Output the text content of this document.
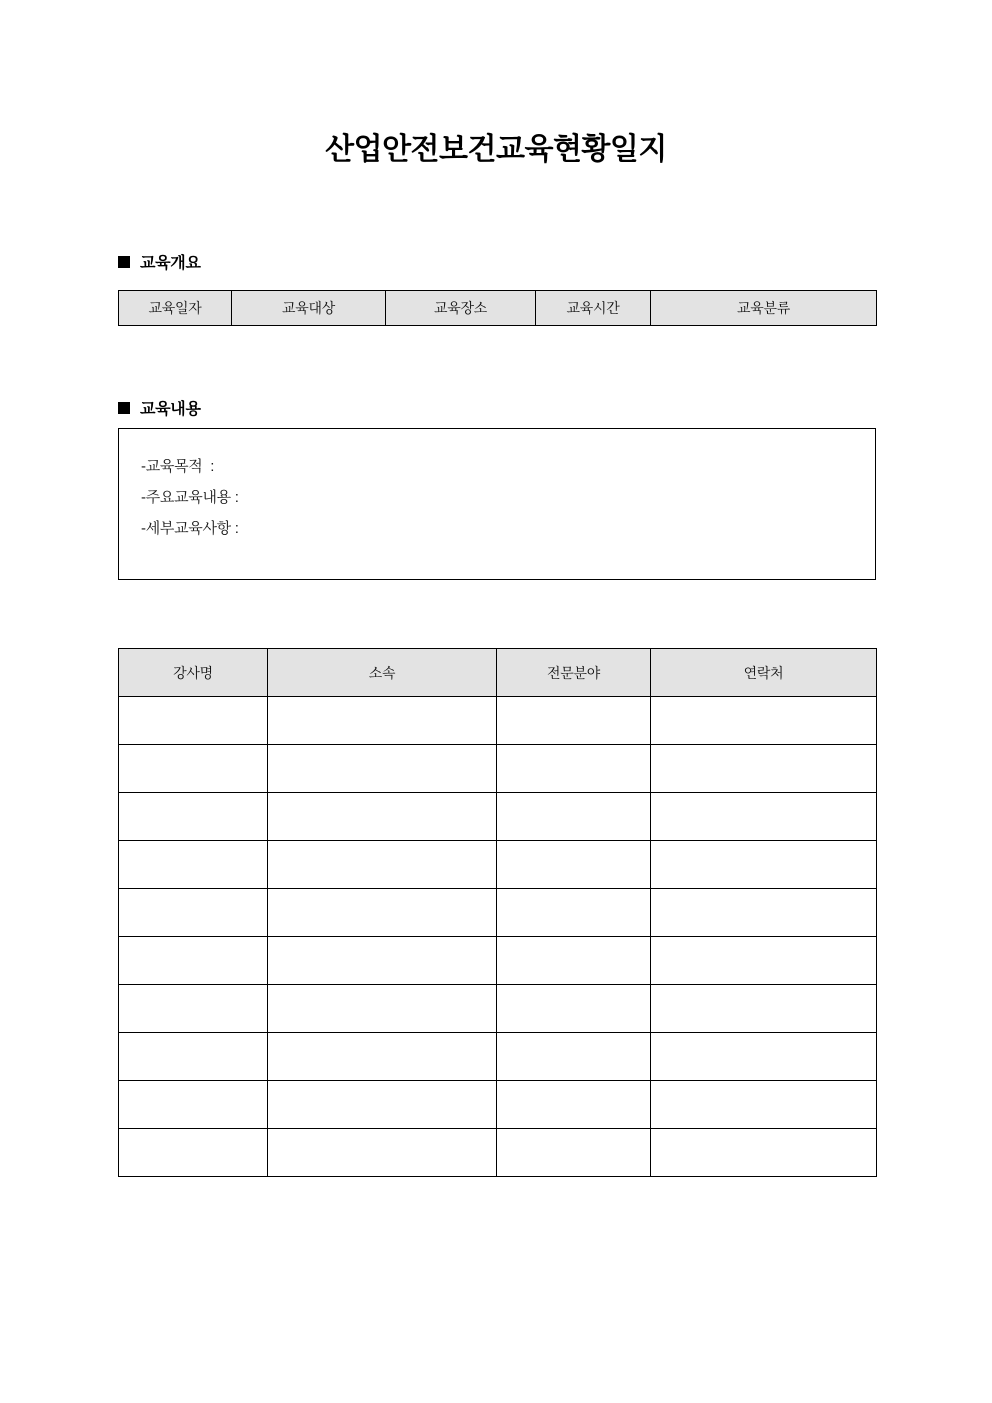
산업안전보건교육현황일지
교육개요
교육일자	교육대상	교육장소	교육시간	교육분류
교육내용
-교육목적  :
-주요교육내용 :
-세부교육사항 :
강사명	소속	전문분야	연락처
